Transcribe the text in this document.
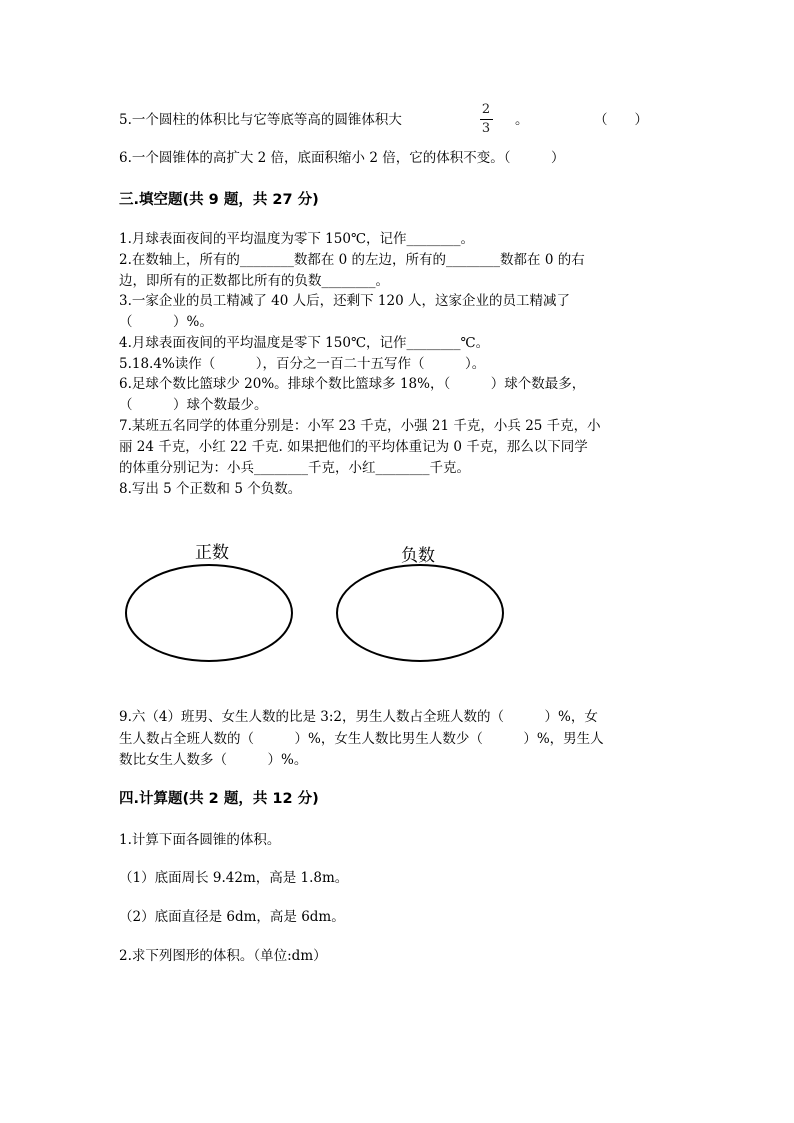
5.一个圆柱的体积比与它等底等高的圆锥体积大
2
3
。	（　　）
6.一个圆锥体的高扩大 2 倍，底面积缩小 2 倍，它的体积不变。（　　　）
三.填空题(共 9 题，共 27 分)
1.月球表面夜间的平均温度为零下 150℃，记作________。
2.在数轴上，所有的________数都在 0 的左边，所有的________数都在 0 的右
边，即所有的正数都比所有的负数________。
3.一家企业的员工精减了 40 人后，还剩下 120 人，这家企业的员工精减了
（　　　）%。
4.月球表面夜间的平均温度是零下 150℃，记作________℃。
5.18.4%读作（　　　），百分之一百二十五写作（　　　）。
6.足球个数比篮球少 20%。排球个数比篮球多 18%，（　　　）球个数最多，
（　　　）球个数最少。
7.某班五名同学的体重分别是：小军 23 千克，小强 21 千克，小兵 25 千克，小
丽 24 千克，小红 22 千克. 如果把他们的平均体重记为 0 千克，那么以下同学
的体重分别记为：小兵________千克，小红________千克。
8.写出 5 个正数和 5 个负数。
正数	负数
9.六（4）班男、女生人数的比是 3:2，男生人数占全班人数的（　　　）%，女
生人数占全班人数的（　　　）%，女生人数比男生人数少（　　　）%，男生人
数比女生人数多（　　　）%。
四.计算题(共 2 题，共 12 分)
1.计算下面各圆锥的体积。
（1）底面周长 9.42m，高是 1.8m。
（2）底面直径是 6dm，高是 6dm。
2.求下列图形的体积。（单位:dm）
